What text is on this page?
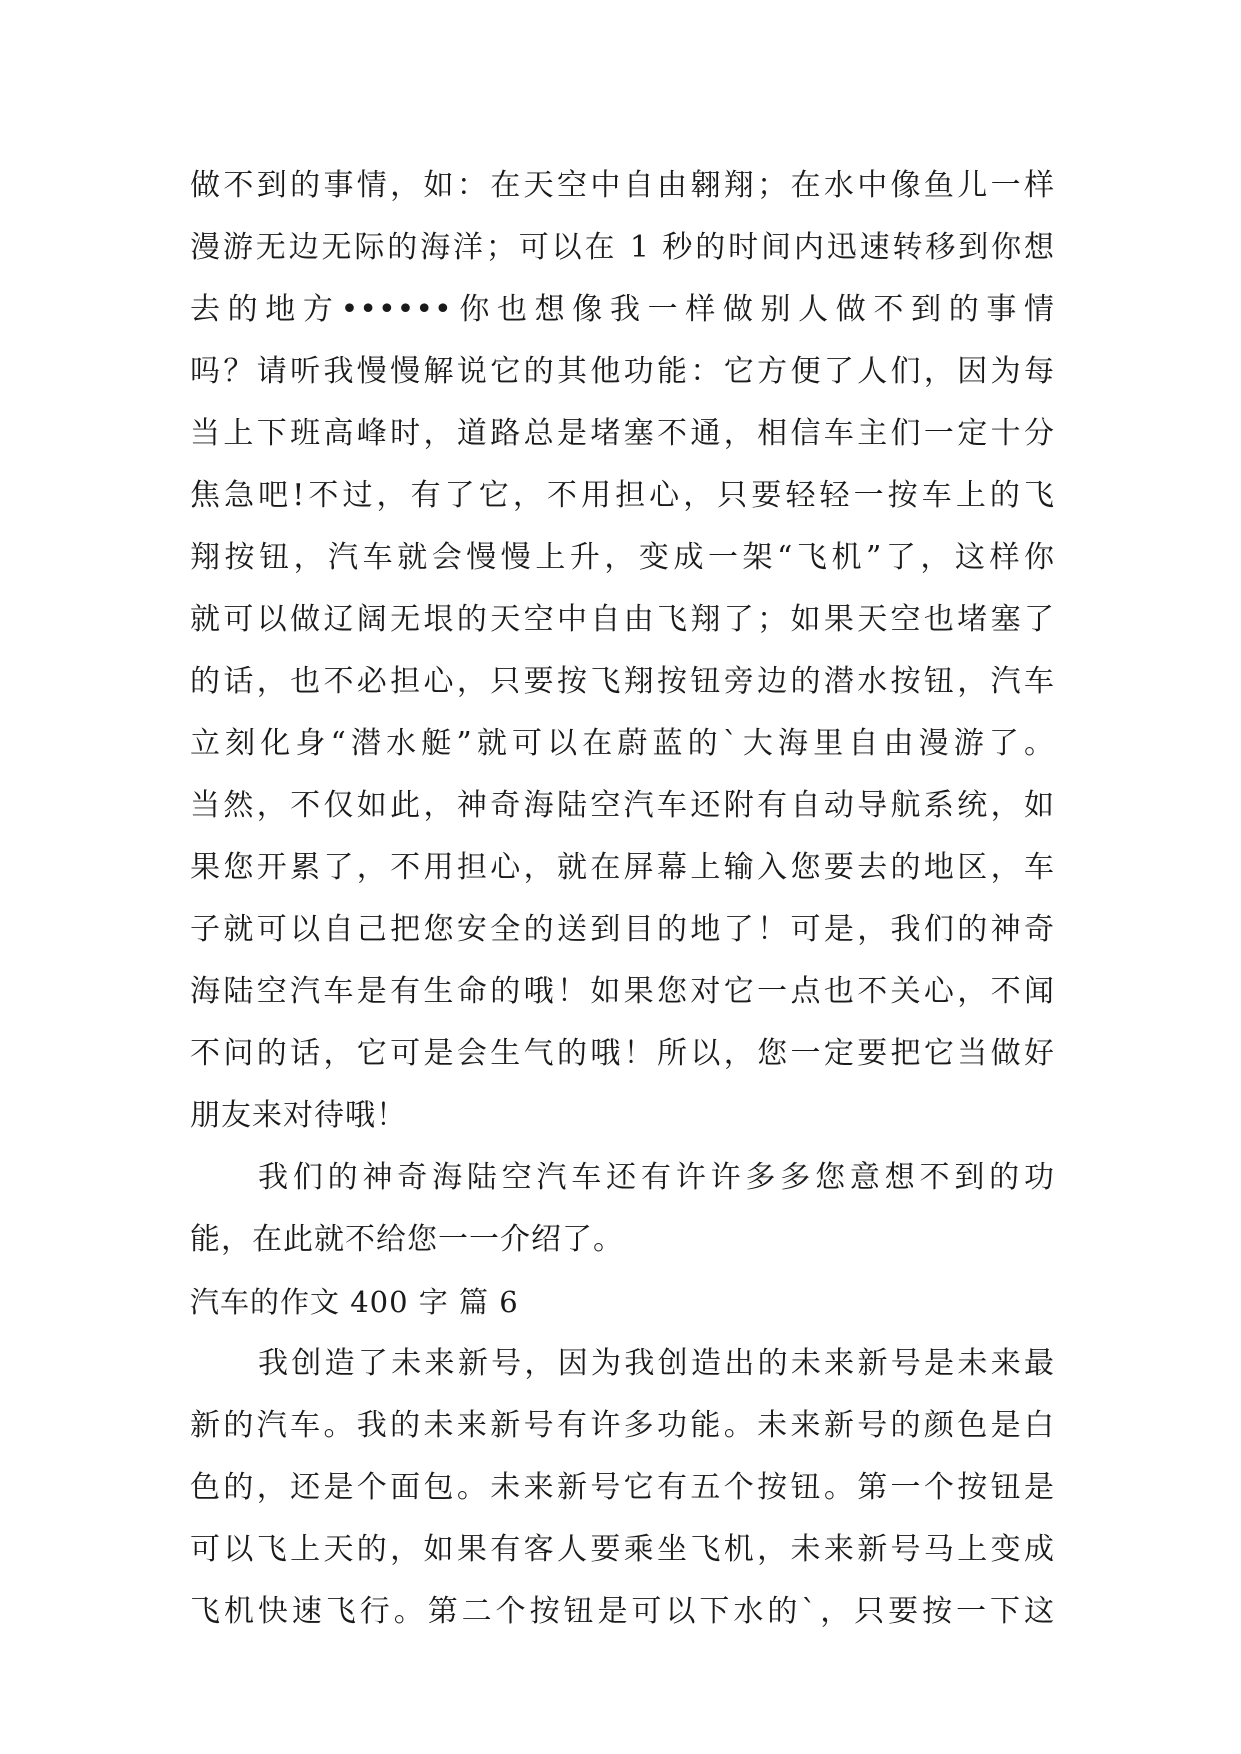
做不到的事情，如：在天空中自由翱翔；在水中像鱼儿一样
漫游无边无际的海洋；可以在 1 秒的时间内迅速转移到你想
去的地方••••••你也想像我一样做别人做不到的事情
吗？请听我慢慢解说它的其他功能：它方便了人们，因为每
当上下班高峰时，道路总是堵塞不通，相信车主们一定十分
焦急吧!不过，有了它，不用担心，只要轻轻一按车上的飞
翔按钮，汽车就会慢慢上升，变成一架“飞机”了，这样你
就可以做辽阔无垠的天空中自由飞翔了；如果天空也堵塞了
的话，也不必担心，只要按飞翔按钮旁边的潜水按钮，汽车
立刻化身“潜水艇”就可以在蔚蓝的`大海里自由漫游了。
当然，不仅如此，神奇海陆空汽车还附有自动导航系统，如
果您开累了，不用担心，就在屏幕上输入您要去的地区，车
子就可以自己把您安全的送到目的地了！可是，我们的神奇
海陆空汽车是有生命的哦！如果您对它一点也不关心，不闻
不问的话，它可是会生气的哦！所以，您一定要把它当做好
朋友来对待哦！
我们的神奇海陆空汽车还有许许多多您意想不到的功
能，在此就不给您一一介绍了。
汽车的作文 400 字 篇 6
我创造了未来新号，因为我创造出的未来新号是未来最
新的汽车。我的未来新号有许多功能。未来新号的颜色是白
色的，还是个面包。未来新号它有五个按钮。第一个按钮是
可以飞上天的，如果有客人要乘坐飞机，未来新号马上变成
飞机快速飞行。第二个按钮是可以下水的`，只要按一下这
